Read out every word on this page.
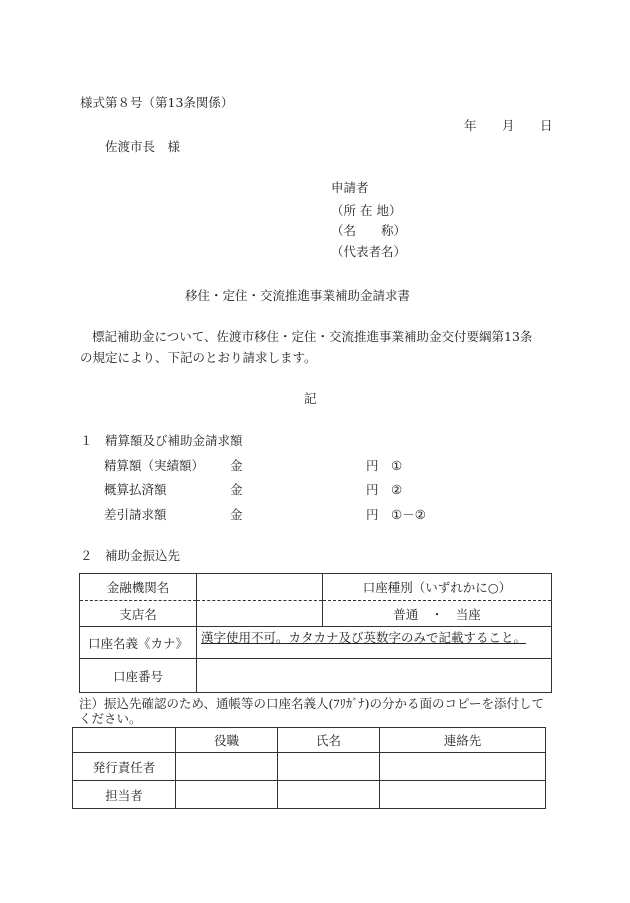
様式第８号（第13条関係）
年 月 日
佐渡市長　様
申請者
（所 在 地）
（名　　称）
（代表者名）
移住・定住・交流推進事業補助金請求書
標記補助金について、佐渡市移住・定住・交流推進事業補助金交付要綱第13条
の規定により、下記のとおり請求します。
記
１　精算額及び補助金請求額
精算額（実績額） 金	円 ①
概算払済額	金	円 ②
差引請求額	金	円 ①－②
２　補助金振込先
金融機関名		口座種別（いずれかに○）
支店名		普通　・　当座
口座名義《カナ》	漢字使用不可。カタカナ及び英数字のみで記載すること。	
口座番号		
注）振込先確認のため、通帳等の口座名義人(ﾌﾘｶﾞﾅ)の分かる面のコピーを添付して
ください。
	役職	氏名	連絡先
発行責任者			
担当者			
